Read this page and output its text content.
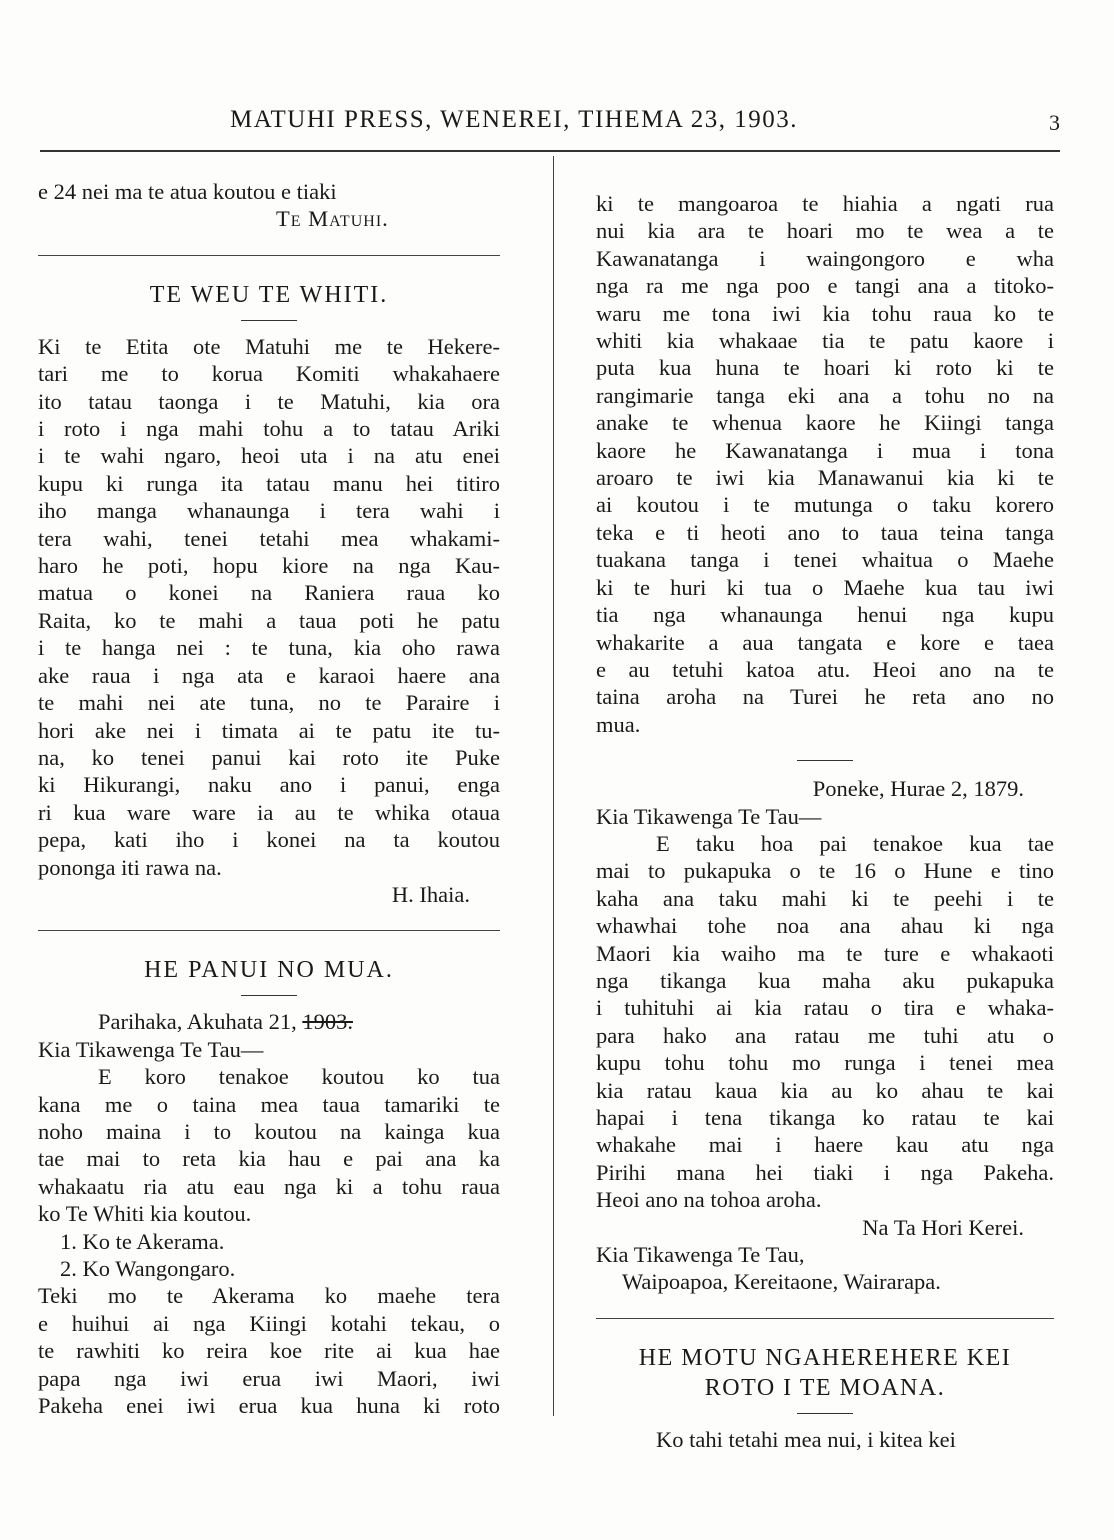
MATUHI PRESS, WENEREI, TIHEMA 23, 1903.	3
e 24 nei ma te atua koutou e tiaki
Te Matuhi.
TE WEU TE WHITI.
Ki te Etita ote Matuhi me te Hekere-
tari me to korua Komiti whakahaere
ito tatau taonga i te Matuhi, kia ora
i roto i nga mahi tohu a to tatau Ariki
i te wahi ngaro, heoi uta i na atu enei
kupu ki runga ita tatau manu hei titiro
iho manga whanaunga i tera wahi i
tera wahi, tenei tetahi mea whakami-
haro he poti, hopu kiore na nga Kau-
matua o konei na Raniera raua ko
Raita, ko te mahi a taua poti he patu
i te hanga nei : te tuna, kia oho rawa
ake raua i nga ata e karaoi haere ana
te mahi nei ate tuna, no te Paraire i
hori ake nei i timata ai te patu ite tu-
na, ko tenei panui kai roto ite Puke
ki Hikurangi, naku ano i panui, enga
ri kua ware ware ia au te whika otaua
pepa, kati iho i konei na ta koutou
pononga iti rawa na.
H. Ihaia.
HE PANUI NO MUA.
Parihaka, Akuhata 21, 1903.
Kia Tikawenga Te Tau—
E koro tenakoe koutou ko tua
kana me o taina mea taua tamariki te
noho maina i to koutou na kainga kua
tae mai to reta kia hau e pai ana ka
whakaatu ria atu eau nga ki a tohu raua
ko Te Whiti kia koutou.
1. Ko te Akerama.
2. Ko Wangongaro.
Teki mo te Akerama ko maehe tera
e huihui ai nga Kiingi kotahi tekau, o
te rawhiti ko reira koe rite ai kua hae
papa nga iwi erua iwi Maori, iwi
Pakeha enei iwi erua kua huna ki roto
ki te mangoaroa te hiahia a ngati rua
nui kia ara te hoari mo te wea a te
Kawanatanga i waingongoro e wha
nga ra me nga poo e tangi ana a titoko-
waru me tona iwi kia tohu raua ko te
whiti kia whakaae tia te patu kaore i
puta kua huna te hoari ki roto ki te
rangimarie tanga eki ana a tohu no na
anake te whenua kaore he Kiingi tanga
kaore he Kawanatanga i mua i tona
aroaro te iwi kia Manawanui kia ki te
ai koutou i te mutunga o taku korero
teka e ti heoti ano to taua teina tanga
tuakana tanga i tenei whaitua o Maehe
ki te huri ki tua o Maehe kua tau iwi
tia nga whanaunga henui nga kupu
whakarite a aua tangata e kore e taea
e au tetuhi katoa atu. Heoi ano na te
taina aroha na Turei he reta ano no
mua.
Poneke, Hurae 2, 1879.
Kia Tikawenga Te Tau—
E taku hoa pai tenakoe kua tae
mai to pukapuka o te 16 o Hune e tino
kaha ana taku mahi ki te peehi i te
whawhai tohe noa ana ahau ki nga
Maori kia waiho ma te ture e whakaoti
nga tikanga kua maha aku pukapuka
i tuhituhi ai kia ratau o tira e whaka-
para hako ana ratau me tuhi atu o
kupu tohu tohu mo runga i tenei mea
kia ratau kaua kia au ko ahau te kai
hapai i tena tikanga ko ratau te kai
whakahe mai i haere kau atu nga
Pirihi mana hei tiaki i nga Pakeha.
Heoi ano na tohoa aroha.
Na Ta Hori Kerei.
Kia Tikawenga Te Tau,
Waipoapoa, Kereitaone, Wairarapa.
HE MOTU NGAHEREHERE KEI
ROTO I TE MOANA.
Ko tahi tetahi mea nui, i kitea kei
